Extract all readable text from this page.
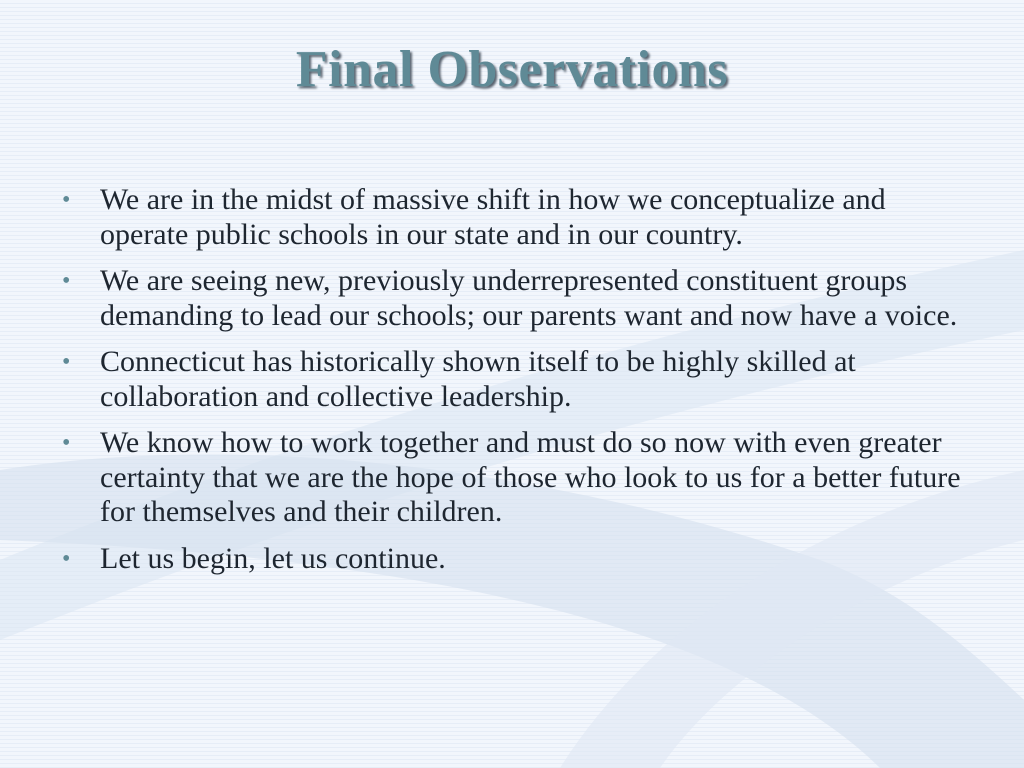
Final Observations
• We are in the midst of massive shift in how we conceptualize and operate public schools in our state and in our country.
• We are seeing new, previously underrepresented constituent groups demanding to lead our schools; our parents want and now have a voice.
• Connecticut has historically shown itself to be highly skilled at collaboration and collective leadership.
• We know how to work together and must do so now with even greater certainty that we are the hope of those who look to us for a better future for themselves and their children.
• Let us begin, let us continue.
